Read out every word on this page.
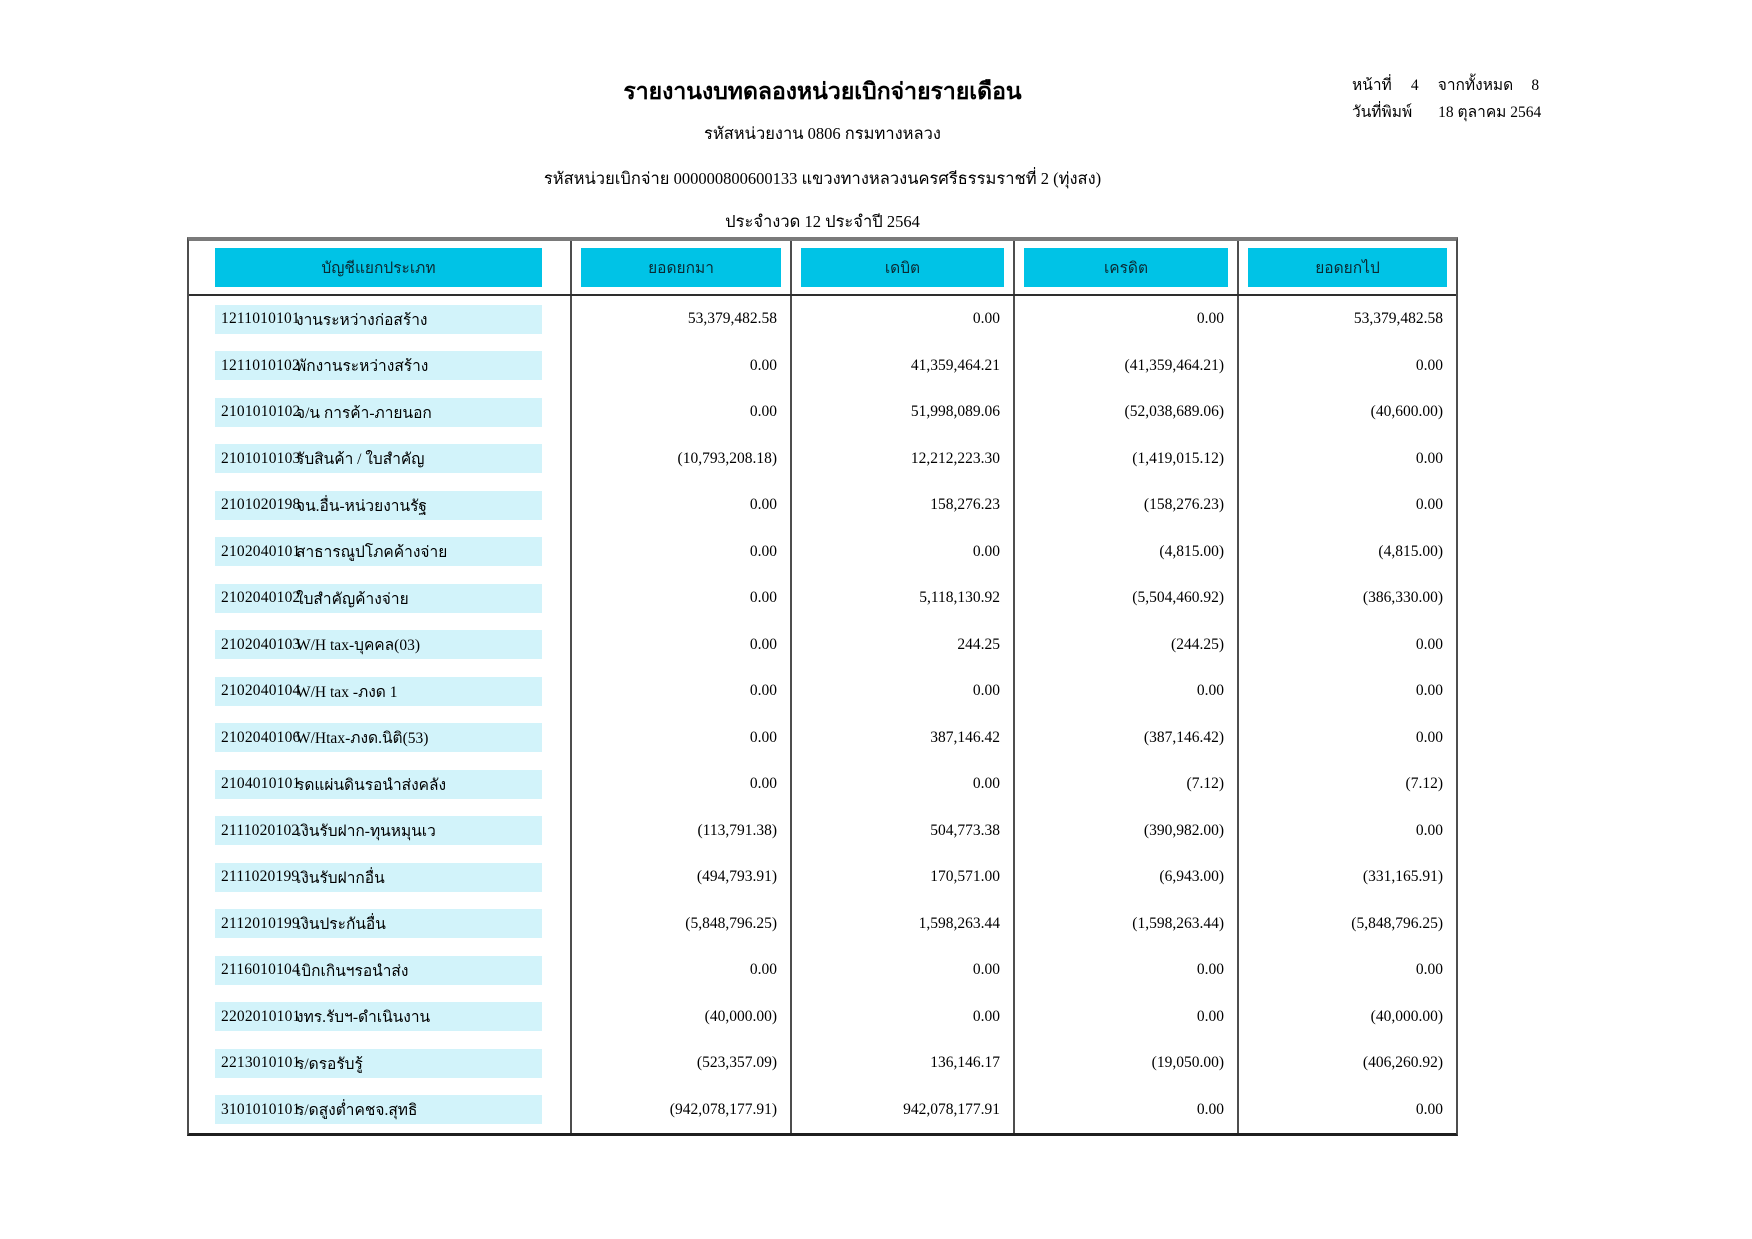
รายงานงบทดลองหน่วยเบิกจ่ายรายเดือน
รหัสหน่วยงาน 0806 กรมทางหลวง
รหัสหน่วยเบิกจ่าย 000000800600133 แขวงทางหลวงนครศรีธรรมราชที่ 2 (ทุ่งสง)
ประจำงวด 12 ประจำปี 2564
หน้าที่	4	จากทั้งหมด	8
วันที่พิมพ์ 18 ตุลาคม 2564
บัญชีแยกประเภท	ยอดยกมา	เดบิต	เครดิต	ยอดยกไป
1211010101
งานระหว่างก่อสร้าง	53,379,482.58	0.00	0.00	53,379,482.58
1211010102
พักงานระหว่างสร้าง	0.00	41,359,464.21	(41,359,464.21)	0.00
2101010102
จ/น การค้า-ภายนอก	0.00	51,998,089.06	(52,038,689.06)	(40,600.00)
2101010103
รับสินค้า / ใบสำคัญ	(10,793,208.18)	12,212,223.30	(1,419,015.12)	0.00
2101020198
จน.อื่น-หน่วยงานรัฐ	0.00	158,276.23	(158,276.23)	0.00
2102040101
สาธารณูปโภคค้างจ่าย	0.00	0.00	(4,815.00)	(4,815.00)
2102040102
ใบสำคัญค้างจ่าย	0.00	5,118,130.92	(5,504,460.92)	(386,330.00)
2102040103
W/H tax-บุคคล(03)	0.00	244.25	(244.25)	0.00
2102040104
W/H tax -ภงด 1	0.00	0.00	0.00	0.00
2102040106
W/Htax-ภงด.นิติ(53)	0.00	387,146.42	(387,146.42)	0.00
2104010101
รดแผ่นดินรอนำส่งคลัง	0.00	0.00	(7.12)	(7.12)
2111020102
เงินรับฝาก-ทุนหมุนเว	(113,791.38)	504,773.38	(390,982.00)	0.00
2111020199
เงินรับฝากอื่น	(494,793.91)	170,571.00	(6,943.00)	(331,165.91)
2112010199
เงินประกันอื่น	(5,848,796.25)	1,598,263.44	(1,598,263.44)	(5,848,796.25)
2116010104
เบิกเกินฯรอนำส่ง	0.00	0.00	0.00	0.00
2202010101
งทร.รับฯ-ดำเนินงาน	(40,000.00)	0.00	0.00	(40,000.00)
2213010101
ร/ดรอรับรู้	(523,357.09)	136,146.17	(19,050.00)	(406,260.92)
3101010101
ร/ดสูงต่ำคชจ.สุทธิ	(942,078,177.91)	942,078,177.91	0.00	0.00
